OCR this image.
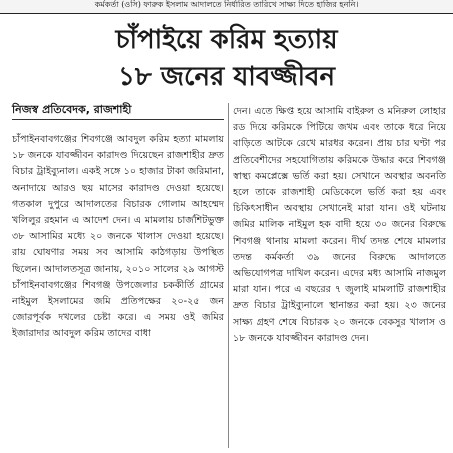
কর্মকর্তা (ওসি) ফারুক ইসলাম আদালতে নির্ধারিত তারিখে সাক্ষ্য দিতে হাজির হননি।
চাঁপাইয়ে করিম হত্যায়
১৮ জনের যাবজ্জীবন
নিজস্ব প্রতিবেদক, রাজশাহী
চাঁপাইনবাবগঞ্জের শিবগঞ্জে আবদুল করিম হত্যা মামলায় ১৮ জনকে যাবজ্জীবন কারাদণ্ড দিয়েছেন রাজশাহীর দ্রুত বিচার ট্রাইব্যুনাল। একই সঙ্গে ১০ হাজার টাকা জরিমানা, অনাদায়ে আরও ছয় মাসের কারাদণ্ড দেওয়া হয়েছে। গতকাল দুপুরে আদালতের বিচারক গোলাম আহম্মেদ খলিলুর রহমান এ আদেশ দেন। এ মামলায় চার্জশিটভুক্ত ৩৮ আসামির মধ্যে ২০ জনকে খালাস দেওয়া হয়েছে। রায় ঘোষণার সময় সব আসামি কাঠগড়ায় উপস্থিত ছিলেন। আদালতসূত্র জানায়, ২০১০ সালের ২৯ আগস্ট চাঁপাইনবাবগঞ্জের শিবগঞ্জ উপজেলার চককীর্তি গ্রামের নাইমুল ইসলামের জমি প্রতিপক্ষের ২০-২৫ জন জোরপূর্বক দখলের চেষ্টা করে। এ সময় ওই জমির ইজারাদার আবদুল করিম তাদের বাধা
দেন। এতে ক্ষিপ্ত হয়ে আসামি বাইরুল ও মনিরুল লোহার রড দিয়ে করিমকে পিটিয়ে জখম এবং তাকে ধরে নিয়ে বাড়িতে আটকে রেখে মারধর করেন। প্রায় চার ঘণ্টা পর প্রতিবেশীদের সহযোগিতায় করিমকে উদ্ধার করে শিবগঞ্জ স্বাস্থ্য কমপ্লেক্সে ভর্তি করা হয়। সেখানে অবস্থার অবনতি হলে তাকে রাজশাহী মেডিকেলে ভর্তি করা হয় এবং চিকিৎসাধীন অবস্থায় সেখানেই মারা যান। ওই ঘটনায় জমির মালিক নাইমুল হক বাদী হয়ে ৩০ জনের বিরুদ্ধে শিবগঞ্জ থানায় মামলা করেন। দীর্ঘ তদন্ত শেষে মামলার তদন্ত কর্মকর্তা ৩৯ জনের বিরুদ্ধে আদালতে অভিযোগপত্র দাখিল করেন। এদের মধ্য আসামি নাজমুল মারা যান। পরে এ বছরের ৭ জুলাই মামলাটি রাজশাহীর দ্রুত বিচার ট্রাইব্যুনালে স্থানান্তর করা হয়। ২৩ জনের সাক্ষ্য গ্রহণ শেষে বিচারক ২০ জনকে বেকসুর খালাস ও ১৮ জনকে যাবজ্জীবন কারাদণ্ড দেন।
